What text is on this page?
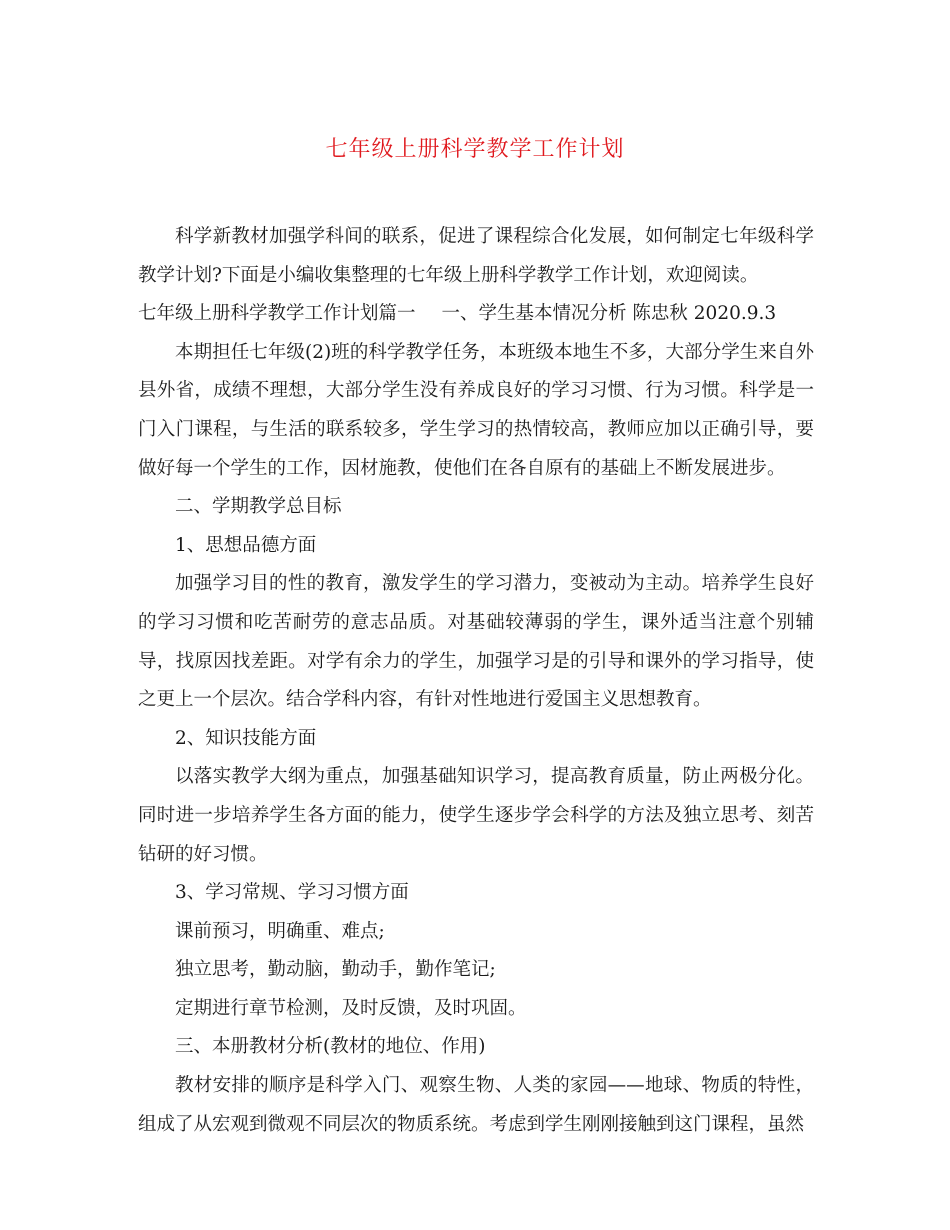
七年级上册科学教学工作计划

科学新教材加强学科间的联系，促进了课程综合化发展，如何制定七年级科学教学计划?下面是小编收集整理的七年级上册科学教学工作计划，欢迎阅读。

七年级上册科学教学工作计划篇一 一、学生基本情况分析 陈忠秋 2020.9.3

本期担任七年级(2)班的科学教学任务，本班级本地生不多，大部分学生来自外县外省，成绩不理想，大部分学生没有养成良好的学习习惯、行为习惯。科学是一门入门课程，与生活的联系较多，学生学习的热情较高，教师应加以正确引导，要做好每一个学生的工作，因材施教，使他们在各自原有的基础上不断发展进步。

二、学期教学总目标

1、思想品德方面

加强学习目的性的教育，激发学生的学习潜力，变被动为主动。培养学生良好的学习习惯和吃苦耐劳的意志品质。对基础较薄弱的学生，课外适当注意个别辅导，找原因找差距。对学有余力的学生，加强学习是的引导和课外的学习指导，使之更上一个层次。结合学科内容，有针对性地进行爱国主义思想教育。

2、知识技能方面

以落实教学大纲为重点，加强基础知识学习，提高教育质量，防止两极分化。同时进一步培养学生各方面的能力，使学生逐步学会科学的方法及独立思考、刻苦钻研的好习惯。

3、学习常规、学习习惯方面

课前预习，明确重、难点;

独立思考，勤动脑，勤动手，勤作笔记;

定期进行章节检测，及时反馈，及时巩固。

三、本册教材分析(教材的地位、作用)

教材安排的顺序是科学入门、观察生物、人类的家园——地球、物质的特性，组成了从宏观到微观不同层次的物质系统。考虑到学生刚刚接触到这门课程，虽然
